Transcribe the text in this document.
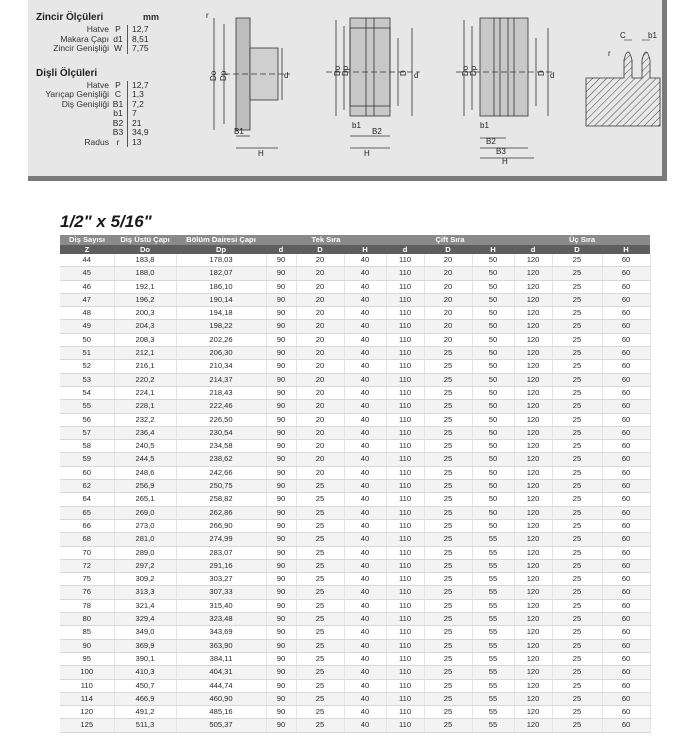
Zincir Ölçüleri	mm
Hatve P	12,7
Makara Çapı d1	8,51
Zincir Genişliği W	7,75
Dişli Ölçüleri
Hatve P	12,7
Yarıçap Genişliği C	1,3
Diş Genişliği B1	7,2
b1	7
B2	21
B3	34,9
Radus r	13
r
Do Dp	d
B1
H
Do Dp	D d
b1
B2
H
Do Dp	D d
b1
B2
B3
H
C	b1
r
1/2" x 5/16"
Diş Sayısı	Diş Üstü Çapı	Bölüm Dairesi Çapı	Tek Sıra			Çift Sıra			Üç Sıra		
Z	Do	Dp	d	D	H	d	D	H	d	D	H
44	183,8	178,03	90	20	40	110	20	50	120	25	60
45	188,0	182,07	90	20	40	110	20	50	120	25	60
46	192,1	186,10	90	20	40	110	20	50	120	25	60
47	196,2	190,14	90	20	40	110	20	50	120	25	60
48	200,3	194,18	90	20	40	110	20	50	120	25	60
49	204,3	198,22	90	20	40	110	20	50	120	25	60
50	208,3	202,26	90	20	40	110	20	50	120	25	60
51	212,1	206,30	90	20	40	110	25	50	120	25	60
52	216,1	210,34	90	20	40	110	25	50	120	25	60
53	220,2	214,37	90	20	40	110	25	50	120	25	60
54	224,1	218,43	90	20	40	110	25	50	120	25	60
55	228,1	222,46	90	20	40	110	25	50	120	25	60
56	232,2	226,50	90	20	40	110	25	50	120	25	60
57	236,4	230,54	90	20	40	110	25	50	120	25	60
58	240,5	234,58	90	20	40	110	25	50	120	25	60
59	244,5	238,62	90	20	40	110	25	50	120	25	60
60	248,6	242,66	90	20	40	110	25	50	120	25	60
62	256,9	250,75	90	25	40	110	25	50	120	25	60
64	265,1	258,82	90	25	40	110	25	50	120	25	60
65	269,0	262,86	90	25	40	110	25	50	120	25	60
66	273,0	266,90	90	25	40	110	25	50	120	25	60
68	281,0	274,99	90	25	40	110	25	55	120	25	60
70	289,0	283,07	90	25	40	110	25	55	120	25	60
72	297,2	291,16	90	25	40	110	25	55	120	25	60
75	309,2	303,27	90	25	40	110	25	55	120	25	60
76	313,3	307,33	90	25	40	110	25	55	120	25	60
78	321,4	315,40	90	25	40	110	25	55	120	25	60
80	329,4	323,48	90	25	40	110	25	55	120	25	60
85	349,0	343,69	90	25	40	110	25	55	120	25	60
90	369,9	363,90	90	25	40	110	25	55	120	25	60
95	390,1	384,11	90	25	40	110	25	55	120	25	60
100	410,3	404,31	90	25	40	110	25	55	120	25	60
110	450,7	444,74	90	25	40	110	25	55	120	25	60
114	466,9	460,90	90	25	40	110	25	55	120	25	60
120	491,2	485,16	90	25	40	110	25	55	120	25	60
125	511,3	505,37	90	25	40	110	25	55	120	25	60
